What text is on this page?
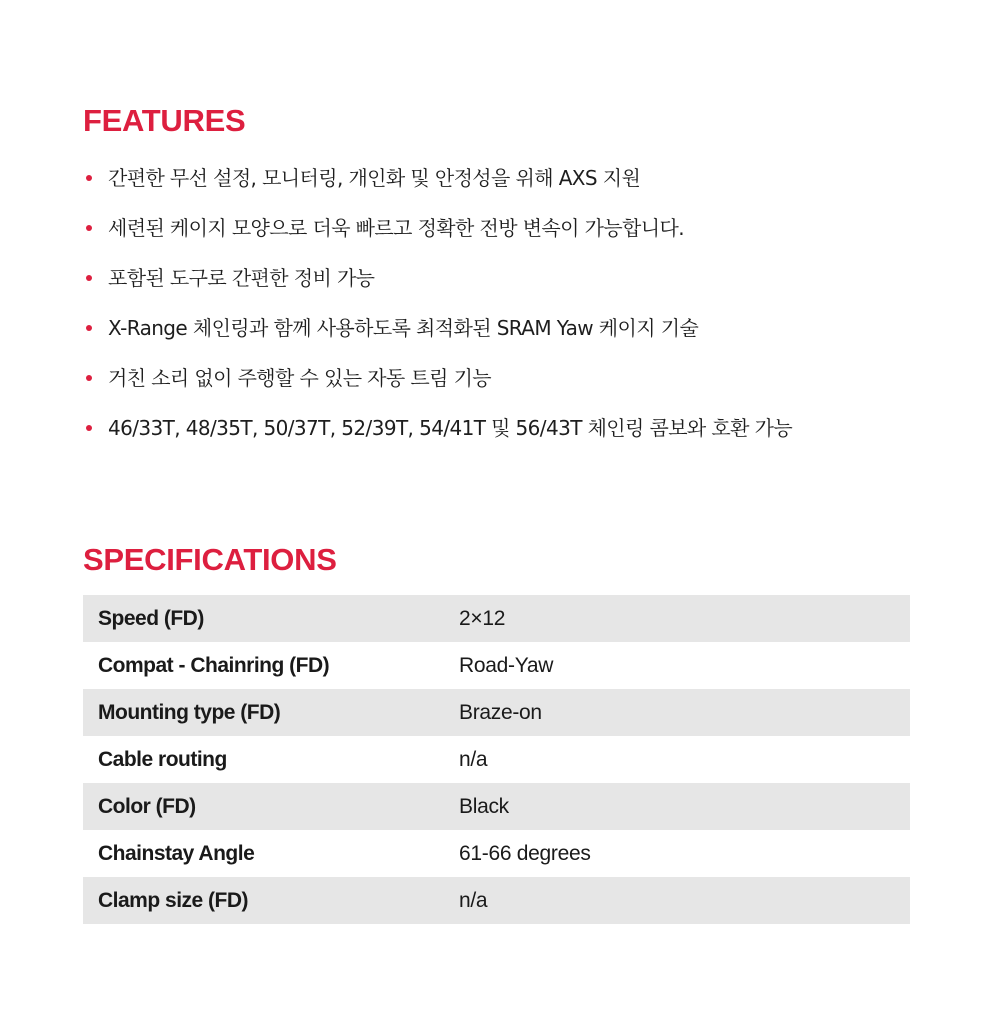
FEATURES
간편한 무선 설정, 모니터링, 개인화 및 안정성을 위해 AXS 지원
세련된 케이지 모양으로 더욱 빠르고 정확한 전방 변속이 가능합니다.
포함된 도구로 간편한 정비 가능
X-Range 체인링과 함께 사용하도록 최적화된 SRAM Yaw 케이지 기술
거친 소리 없이 주행할 수 있는 자동 트림 기능
46/33T, 48/35T, 50/37T, 52/39T, 54/41T 및 56/43T 체인링 콤보와 호환 가능
SPECIFICATIONS
Speed (FD)	2×12
Compat - Chainring (FD)	Road-Yaw
Mounting type (FD)	Braze-on
Cable routing	n/a
Color (FD)	Black
Chainstay Angle	61-66 degrees
Clamp size (FD)	n/a
